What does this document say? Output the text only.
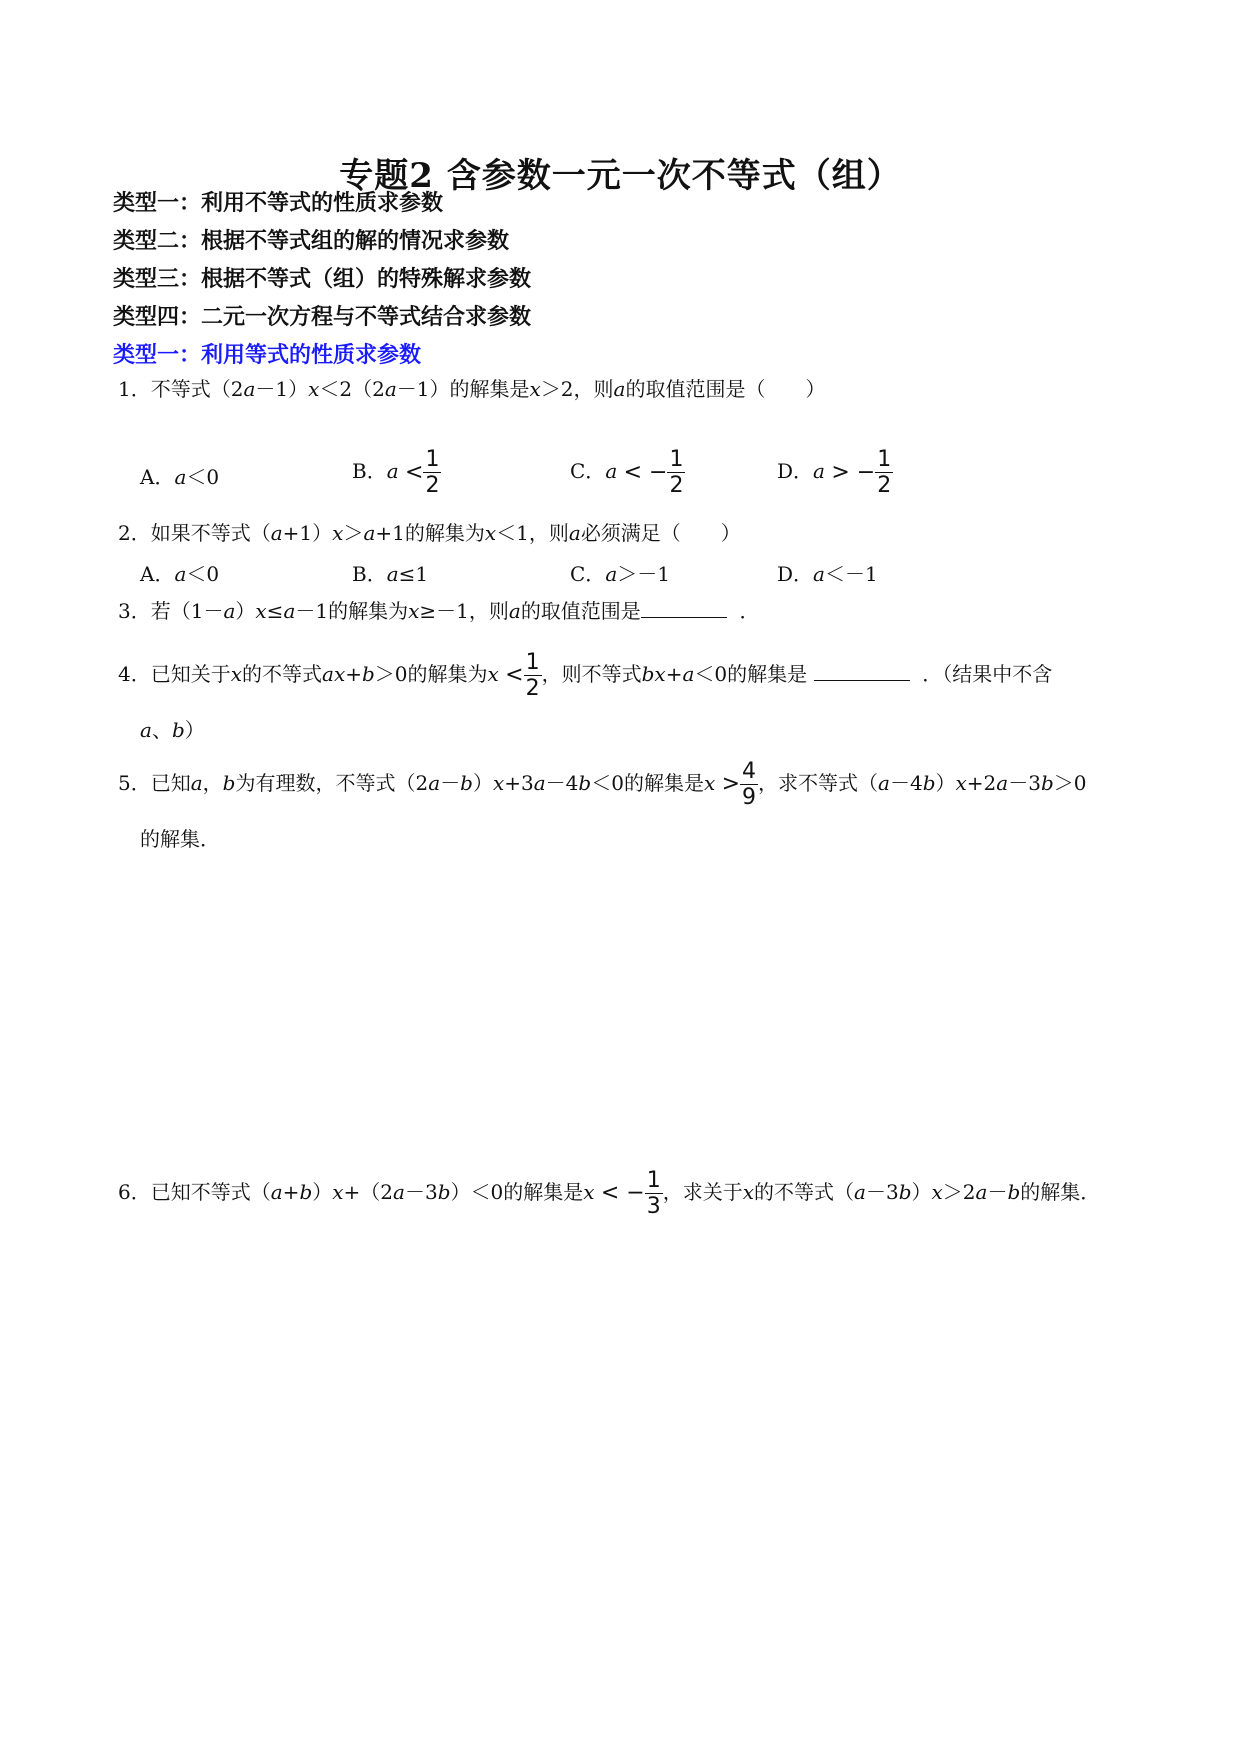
专题2 含参数一元一次不等式（组）
类型一：利用不等式的性质求参数
类型二：根据不等式组的解的情况求参数
类型三：根据不等式（组）的特殊解求参数
类型四：二元一次方程与不等式结合求参数
类型一：利用等式的性质求参数
1．不等式（2a－1）x＜2（2a－1）的解集是x＞2，则a的取值范围是（　　）
A．a＜0	B．$a < \frac{1}{2}$	C．a < − $\frac{1}{2}$	D．a > − $\frac{1}{2}$
2．如果不等式（a+1）x＞a+1的解集为x＜1，则a必须满足（　　）
A．a＜0	B．a≤1	C．a＞－1	D．a＜－1
3．若（1－a）x≤a－1的解集为x≥－1，则a的取值范围是	．
4．已知关于x的不等式ax+b＞0的解集为$x < \frac{1}{2}$ ，则不等式bx+a＜0的解集是	．（结果中不含
a、b）
5．已知a，b为有理数，不等式（2a－b）x+3a－4b＜0的解集是$x > \frac{4}{9}$ ，求不等式（a－4b）x+2a－3b＞0
的解集．
6．已知不等式（a+b）x+（2a－3b）＜0的解集是x < − $\frac{1}{3}$ ，求关于x的不等式（a－3b）x＞2a－b的解集．
